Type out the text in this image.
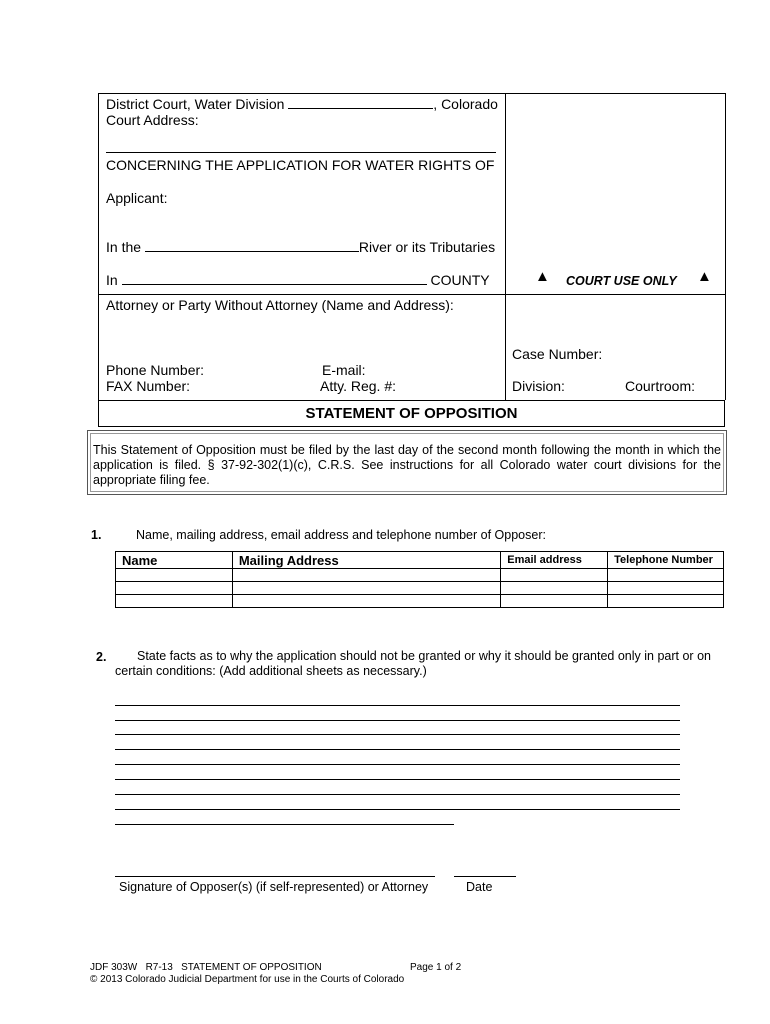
District Court, Water Division	, Colorado
Court Address:
CONCERNING THE APPLICATION FOR WATER RIGHTS OF
Applicant:
In the	River or its Tributaries
In	COUNTY
Attorney or Party Without Attorney (Name and Address):
Phone Number:	E-mail:
FAX Number:	Atty. Reg. #:
▲ COURT USE ONLY ▲
Case Number:
Division:	Courtroom:
STATEMENT OF OPPOSITION
This Statement of Opposition must be filed by the last day of the second month following the month in which the application is filed. § 37-92-302(1)(c), C.R.S. See instructions for all Colorado water court divisions for the appropriate filing fee.
1.	Name, mailing address, email address and telephone number of Opposer:
Name	Mailing Address	Email address	Telephone Number

2.	State facts as to why the application should not be granted or why it should be granted only in part or on certain conditions: (Add additional sheets as necessary.)
Signature of Opposer(s) (if self-represented) or Attorney	Date
JDF 303W   R7-13   STATEMENT OF OPPOSITION	Page 1 of 2
© 2013 Colorado Judicial Department for use in the Courts of Colorado
